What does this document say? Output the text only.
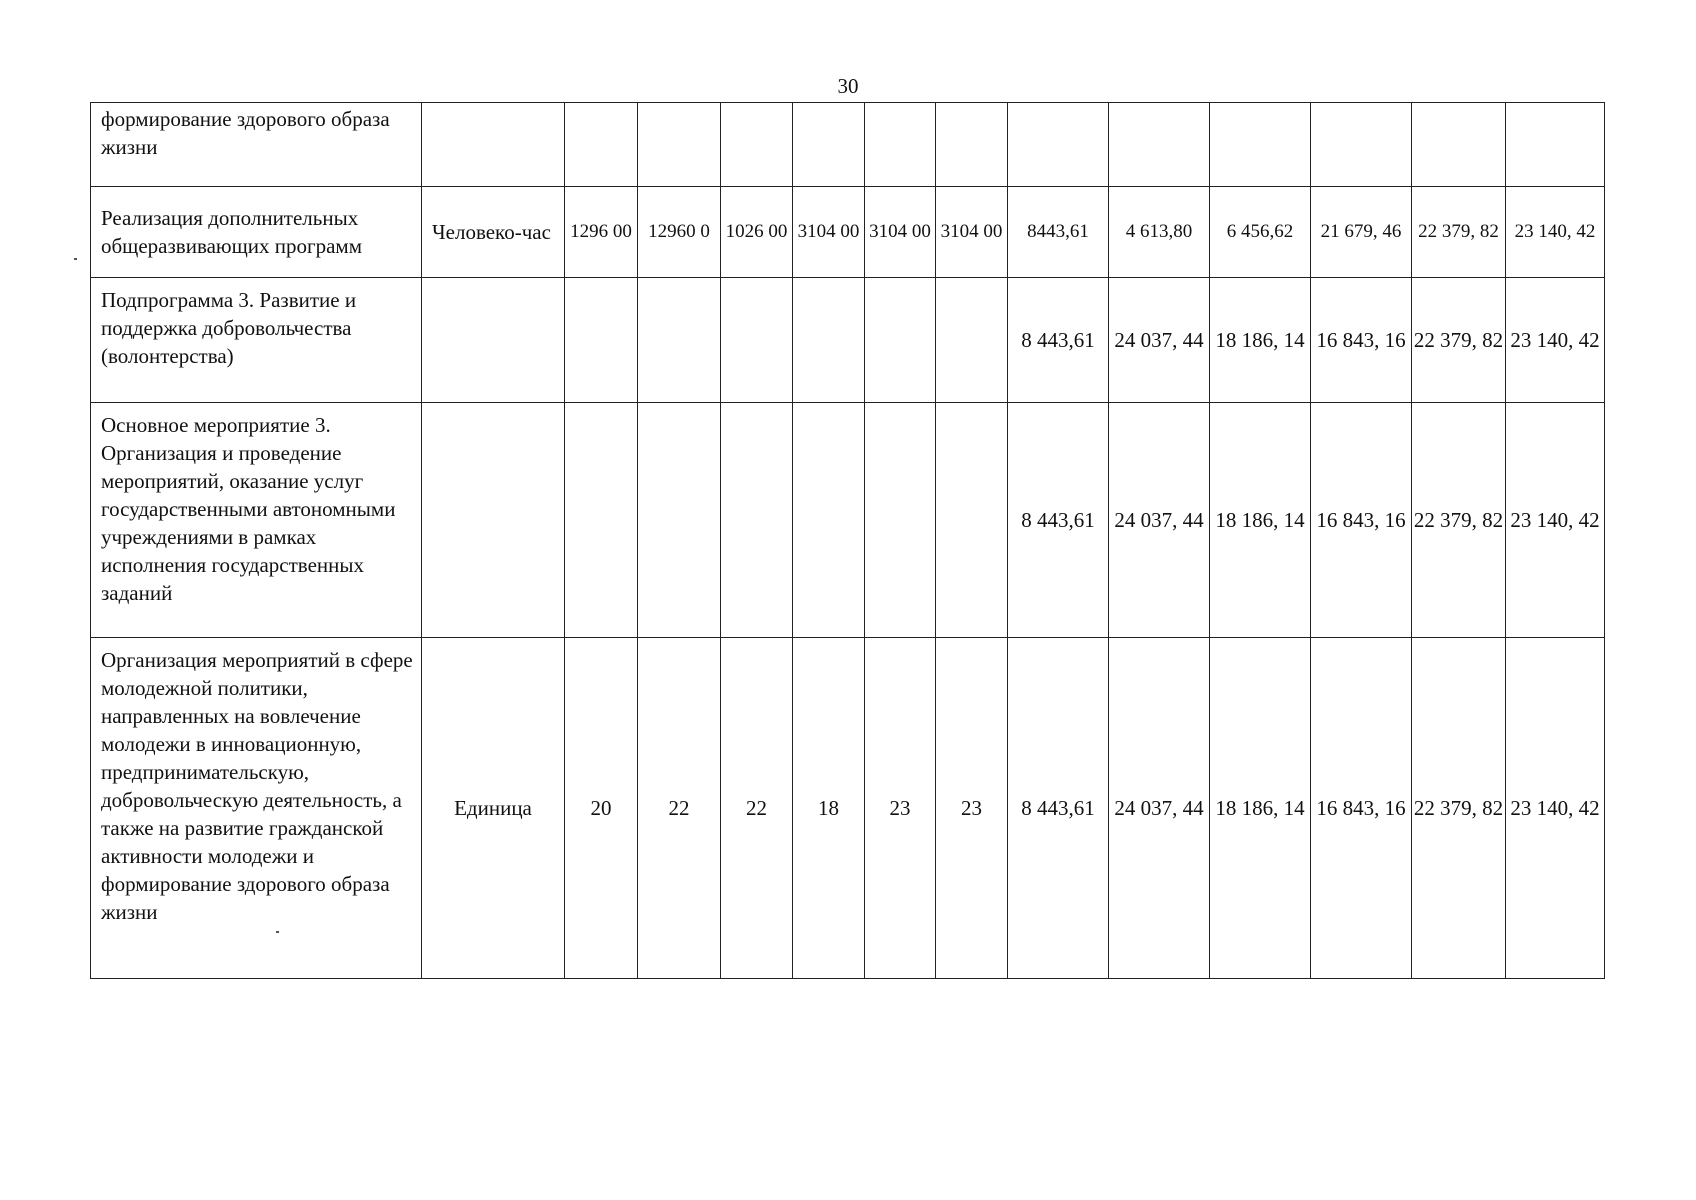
30
формирование здорового образа жизни													
Реализация дополнительных общеразвивающих программ	Человеко-час	1296 00	12960 0	1026 00	3104 00	3104 00	3104 00	8443,61	4 613,80	6 456,62	21 679, 46	22 379, 82	23 140, 42
Подпрограмма 3. Развитие и поддержка добровольчества (волонтерства)								8 443,61	24 037, 44	18 186, 14	16 843, 16	22 379, 82	23 140, 42
Основное мероприятие 3. Организация и проведение мероприятий, оказание услуг государственными автономными учреждениями в рамках исполнения государственных заданий								8 443,61	24 037, 44	18 186, 14	16 843, 16	22 379, 82	23 140, 42
Организация мероприятий в сфере молодежной политики, направленных на вовлечение молодежи в инновационную, предпринимательскую, добровольческую деятельность, а также на развитие гражданской активности молодежи и формирование здорового образа жизни	Единица	20	22	22	18	23	23	8 443,61	24 037, 44	18 186, 14	16 843, 16	22 379, 82	23 140, 42
